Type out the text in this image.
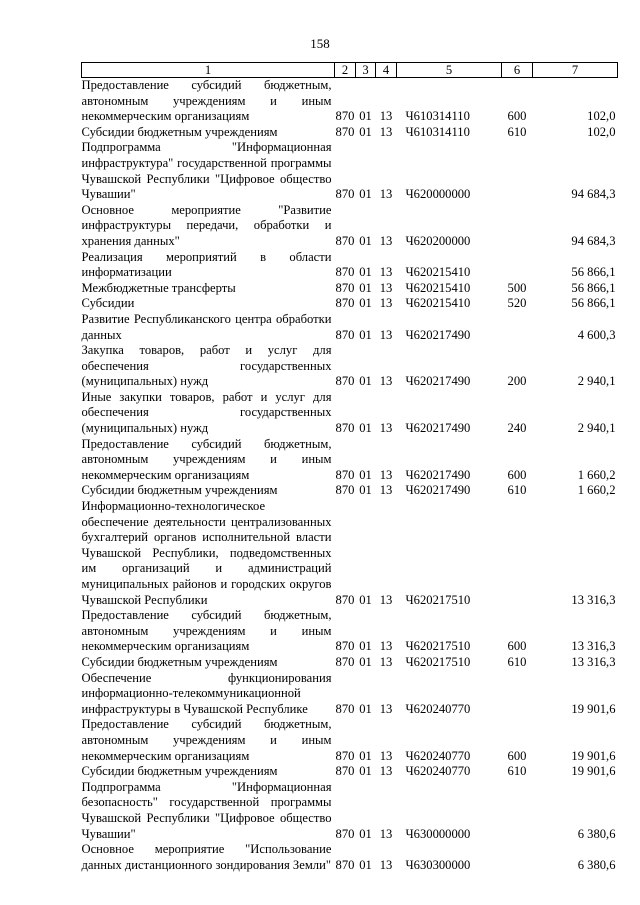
158
1	2	3	4	5	6	7
Предоставление субсидий бюджетным, автономным учреждениям и иным некоммерческим организациям	870	01	13	Ч610314110	600	102,0
Субсидии бюджетным учреждениям	870	01	13	Ч610314110	610	102,0
Подпрограмма "Информационная инфраструктура" государственной программы Чувашской Республики "Цифровое общество Чувашии"	870	01	13	Ч620000000		94 684,3
Основное мероприятие "Развитие инфраструктуры передачи, обработки и хранения данных"	870	01	13	Ч620200000		94 684,3
Реализация мероприятий в области информатизации	870	01	13	Ч620215410		56 866,1
Межбюджетные трансферты	870	01	13	Ч620215410	500	56 866,1
Субсидии	870	01	13	Ч620215410	520	56 866,1
Развитие Республиканского центра обработки данных	870	01	13	Ч620217490		4 600,3
Закупка товаров, работ и услуг для обеспечения государственных (муниципальных) нужд	870	01	13	Ч620217490	200	2 940,1
Иные закупки товаров, работ и услуг для обеспечения государственных (муниципальных) нужд	870	01	13	Ч620217490	240	2 940,1
Предоставление субсидий бюджетным, автономным учреждениям и иным некоммерческим организациям	870	01	13	Ч620217490	600	1 660,2
Субсидии бюджетным учреждениям	870	01	13	Ч620217490	610	1 660,2
Информационно-технологическое обеспечение деятельности централизованных бухгалтерий органов исполнительной власти Чувашской Республики, подведомственных им организаций и администраций муниципальных районов и городских округов Чувашской Республики	870	01	13	Ч620217510		13 316,3
Предоставление субсидий бюджетным, автономным учреждениям и иным некоммерческим организациям	870	01	13	Ч620217510	600	13 316,3
Субсидии бюджетным учреждениям	870	01	13	Ч620217510	610	13 316,3
Обеспечение функционирования информационно-телекоммуникационной инфраструктуры в Чувашской Республике	870	01	13	Ч620240770		19 901,6
Предоставление субсидий бюджетным, автономным учреждениям и иным некоммерческим организациям	870	01	13	Ч620240770	600	19 901,6
Субсидии бюджетным учреждениям	870	01	13	Ч620240770	610	19 901,6
Подпрограмма "Информационная безопасность" государственной программы Чувашской Республики "Цифровое общество Чувашии"	870	01	13	Ч630000000		6 380,6
Основное мероприятие "Использование данных дистанционного зондирования Земли"	870	01	13	Ч630300000		6 380,6
